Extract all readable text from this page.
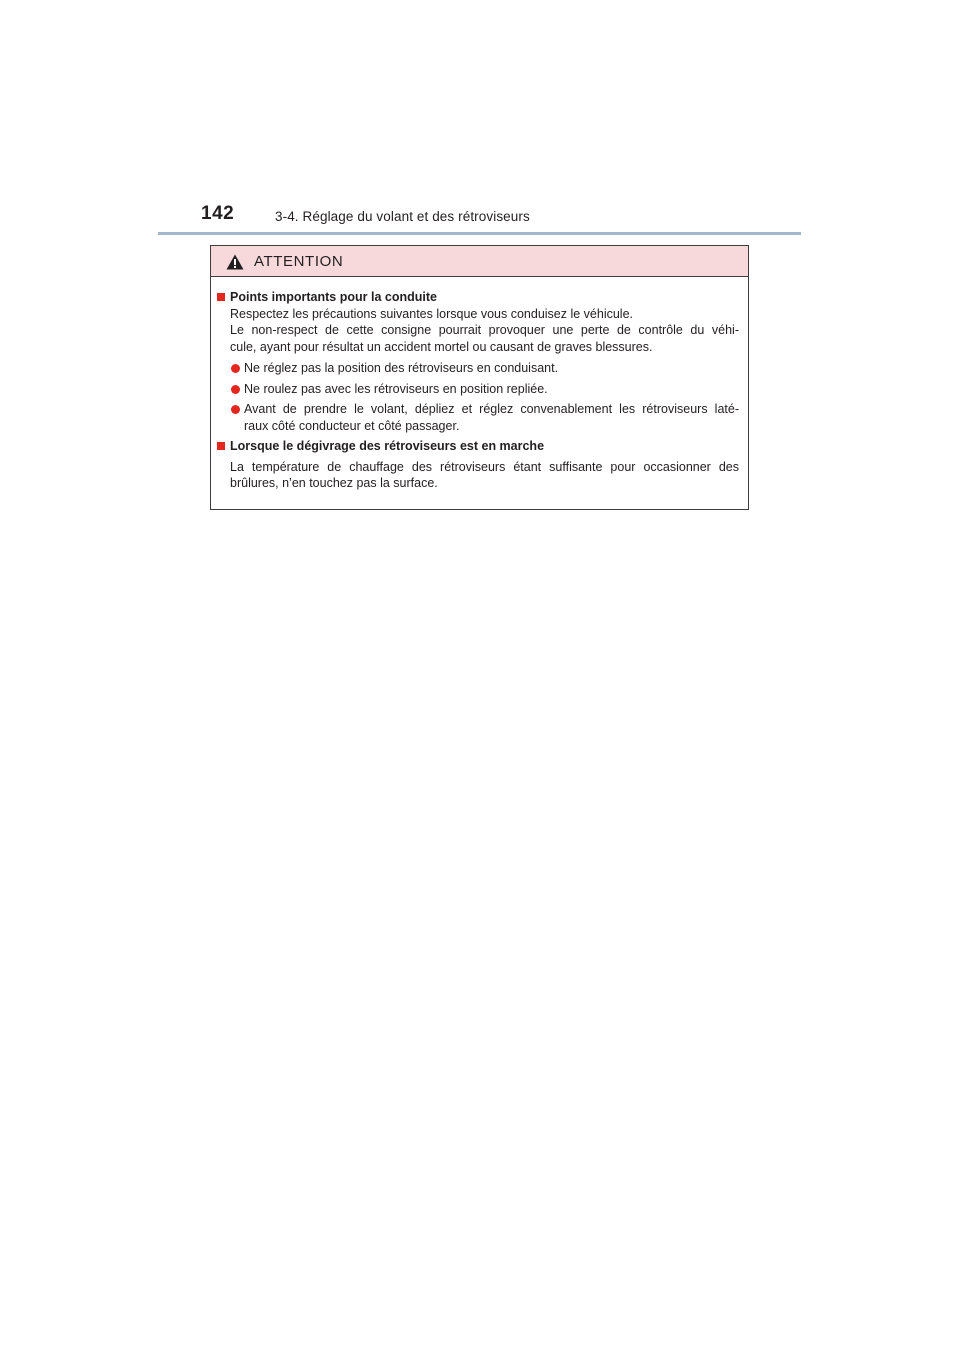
142	3-4. Réglage du volant et des rétroviseurs
ATTENTION
Points importants pour la conduite
Respectez les précautions suivantes lorsque vous conduisez le véhicule.
Le non-respect de cette consigne pourrait provoquer une perte de contrôle du véhi-
cule, ayant pour résultat un accident mortel ou causant de graves blessures.
Ne réglez pas la position des rétroviseurs en conduisant.
Ne roulez pas avec les rétroviseurs en position repliée.
Avant de prendre le volant, dépliez et réglez convenablement les rétroviseurs laté-
raux côté conducteur et côté passager.
Lorsque le dégivrage des rétroviseurs est en marche
La température de chauffage des rétroviseurs étant suffisante pour occasionner des
brûlures, n’en touchez pas la surface.
